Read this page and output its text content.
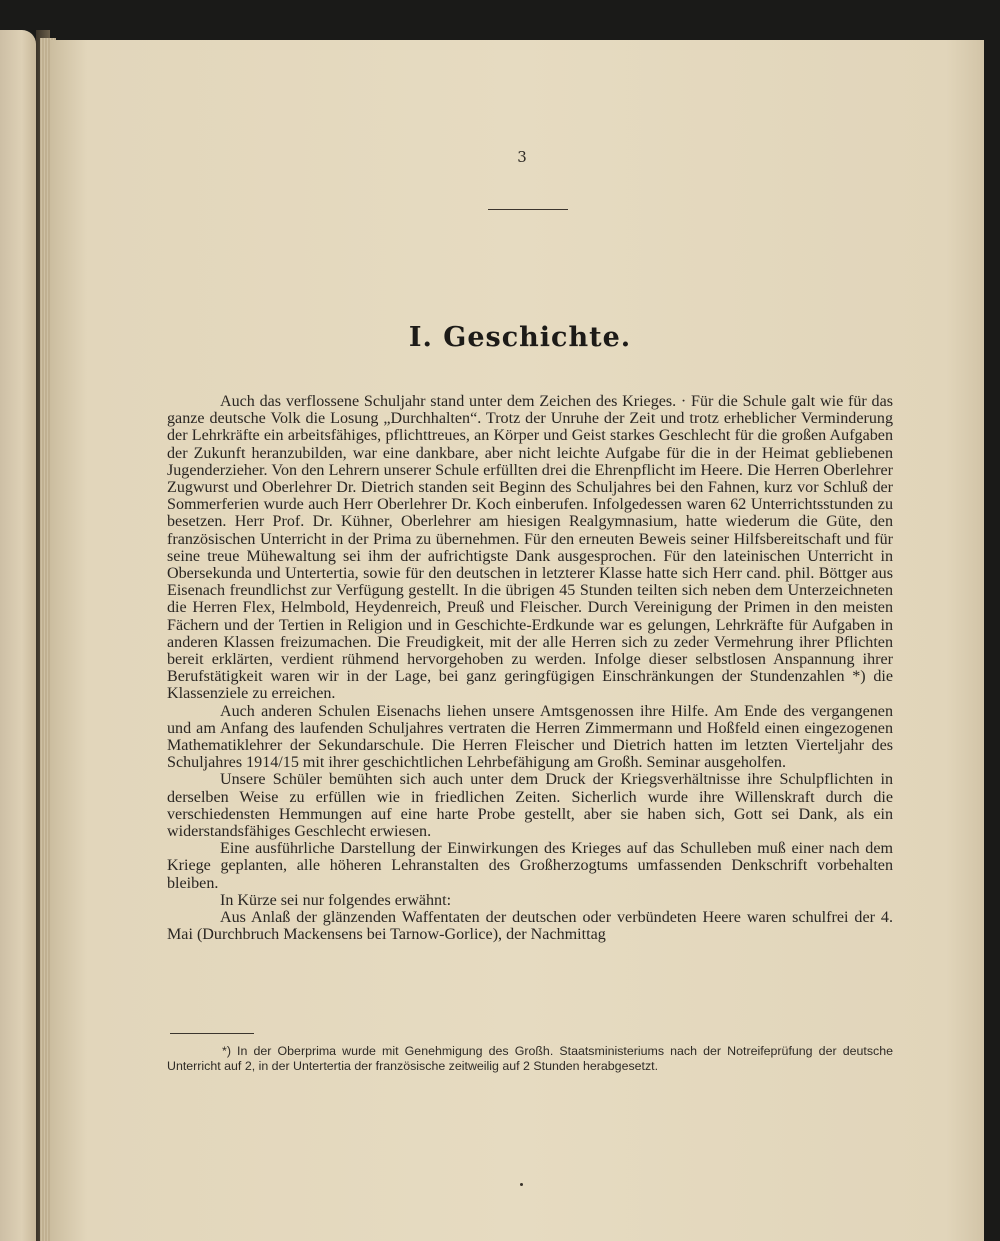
3
I. Geschichte.

Auch das verflossene Schuljahr stand unter dem Zeichen des Krieges. · Für die Schule galt wie für das ganze deutsche Volk die Losung „Durchhalten“. Trotz der Unruhe der Zeit und trotz erheblicher Verminderung der Lehrkräfte ein arbeitsfähiges, pflichttreues, an Körper und Geist starkes Geschlecht für die großen Aufgaben der Zukunft heranzubilden, war eine dankbare, aber nicht leichte Aufgabe für die in der Heimat gebliebenen Jugenderzieher. Von den Lehrern unserer Schule erfüllten drei die Ehrenpflicht im Heere. Die Herren Oberlehrer Zugwurst und Oberlehrer Dr. Dietrich standen seit Beginn des Schuljahres bei den Fahnen, kurz vor Schluß der Sommerferien wurde auch Herr Oberlehrer Dr. Koch einberufen. Infolgedessen waren 62 Unterrichtsstunden zu besetzen. Herr Prof. Dr. Kühner, Oberlehrer am hiesigen Realgymnasium, hatte wiederum die Güte, den französischen Unterricht in der Prima zu übernehmen. Für den erneuten Beweis seiner Hilfsbereitschaft und für seine treue Mühewaltung sei ihm der aufrichtigste Dank ausgesprochen. Für den lateinischen Unterricht in Obersekunda und Untertertia, sowie für den deutschen in letzterer Klasse hatte sich Herr cand. phil. Böttger aus Eisenach freundlichst zur Verfügung gestellt. In die übrigen 45 Stunden teilten sich neben dem Unterzeichneten die Herren Flex, Helmbold, Heydenreich, Preuß und Fleischer. Durch Vereinigung der Primen in den meisten Fächern und der Tertien in Religion und in Geschichte-Erdkunde war es gelungen, Lehrkräfte für Aufgaben in anderen Klassen freizumachen. Die Freudigkeit, mit der alle Herren sich zu zeder Vermehrung ihrer Pflichten bereit erklärten, verdient rühmend hervorgehoben zu werden. Infolge dieser selbstlosen Anspannung ihrer Berufstätigkeit waren wir in der Lage, bei ganz geringfügigen Einschränkungen der Stundenzahlen *) die Klassenziele zu erreichen.

Auch anderen Schulen Eisenachs liehen unsere Amtsgenossen ihre Hilfe. Am Ende des vergangenen und am Anfang des laufenden Schuljahres vertraten die Herren Zimmermann und Hoßfeld einen eingezogenen Mathematiklehrer der Sekundarschule. Die Herren Fleischer und Dietrich hatten im letzten Vierteljahr des Schuljahres 1914/15 mit ihrer geschichtlichen Lehrbefähigung am Großh. Seminar ausgeholfen.

Unsere Schüler bemühten sich auch unter dem Druck der Kriegsverhältnisse ihre Schulpflichten in derselben Weise zu erfüllen wie in friedlichen Zeiten. Sicherlich wurde ihre Willenskraft durch die verschiedensten Hemmungen auf eine harte Probe gestellt, aber sie haben sich, Gott sei Dank, als ein widerstandsfähiges Geschlecht erwiesen.

Eine ausführliche Darstellung der Einwirkungen des Krieges auf das Schulleben muß einer nach dem Kriege geplanten, alle höheren Lehranstalten des Großherzogtums umfassenden Denkschrift vorbehalten bleiben.

In Kürze sei nur folgendes erwähnt:

Aus Anlaß der glänzenden Waffentaten der deutschen oder verbündeten Heere waren schulfrei der 4. Mai (Durchbruch Mackensens bei Tarnow-Gorlice), der Nachmittag

*) In der Oberprima wurde mit Genehmigung des Großh. Staatsministeriums nach der Notreifeprüfung der deutsche Unterricht auf 2, in der Untertertia der französische zeitweilig auf 2 Stunden herabgesetzt.
